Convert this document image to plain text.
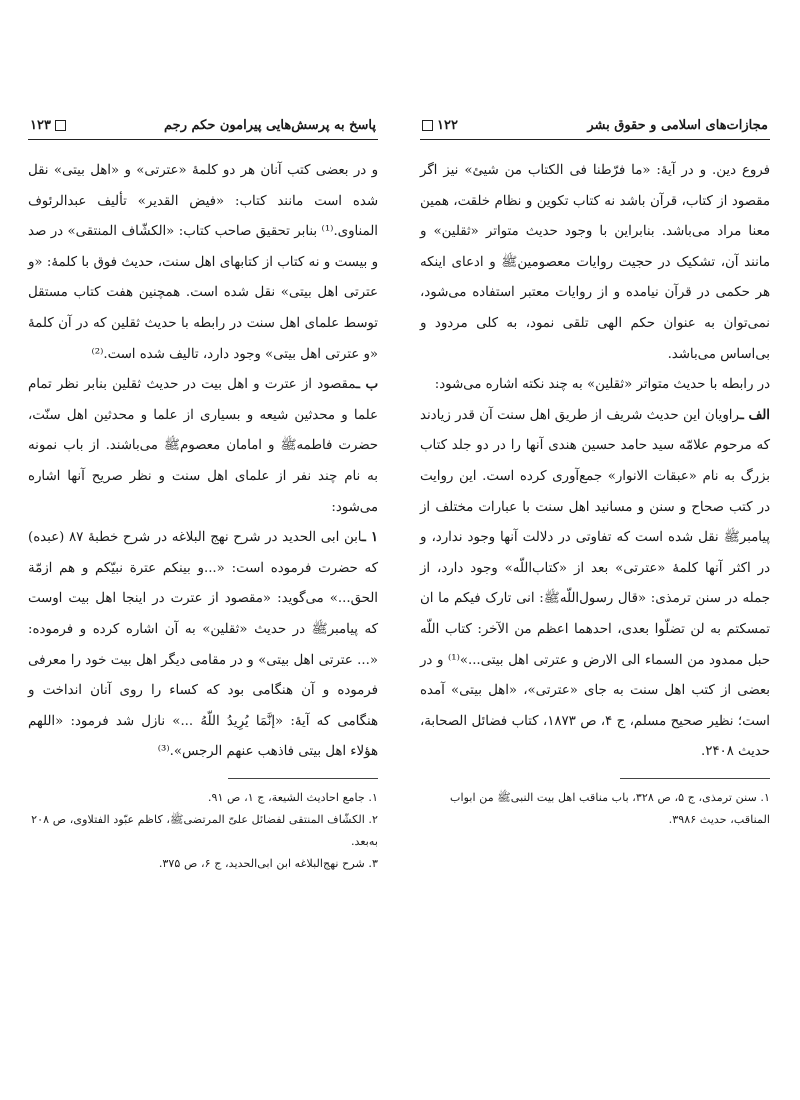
مجازات‌های اسلامی و حقوق بشر
۱۲۲

فروع دین. و در آیهٔ: «ما فرّطنا فی الکتاب من شیئ» نیز اگر مقصود از کتاب، قرآن باشد نه کتاب تکوین و نظام خلقت، همین معنا مراد می‌باشد. بنابراین با وجود حدیث متواتر «ثقلین» و مانند آن، تشکیک در حجیت روایات معصومینﷺ و ادعای اینکه هر حکمی در قرآن نیامده و از روایات معتبر استفاده می‌شود، نمی‌توان به عنوان حکم الهی تلقی نمود، به کلی مردود و بی‌اساس می‌باشد.

در رابطه با حدیث متواتر «ثقلین» به چند نکته اشاره می‌شود:

الف ـراویان این حدیث شریف از طریق اهل سنت آن قدر زیادند که مرحوم علامّه سید حامد حسین هندی آنها را در دو جلد کتاب بزرگ به نام «عبقات الانوار» جمع‌آوری کرده است. این روایت در کتب صحاح و سنن و مسانید اهل سنت با عبارات مختلف از پیامبرﷺ نقل شده است که تفاوتی در دلالت آنها وجود ندارد، و در اکثر آنها کلمهٔ «عترتی» بعد از «کتاب‌اللّه» وجود دارد، از جمله در سنن ترمذی: «قال رسول‌اللّهﷺ: انی تارک فیکم ما ان تمسکتم به لن تضلّوا بعدی، احدهما اعظم من الآخر: کتاب اللّه حبل ممدود من السماء الی الارض و عترتی اهل بیتی...»⁽¹⁾ و در بعضی از کتب اهل سنت به جای «عترتی»، «اهل بیتی» آمده است؛ نظیر صحیح مسلم، ج ۴، ص ۱۸۷۳، کتاب فضائل الصحابة، حدیث ۲۴۰۸.

۱. سنن ترمذی، ج ۵، ص ۳۲۸، باب مناقب اهل بیت النبیﷺ من ابواب المناقب، حدیث ۳۹۸۶.

پاسخ به پرسش‌هایی پیرامون حکم رجم
۱۲۳

و در بعضی کتب آنان هر دو کلمهٔ «عترتی» و «اهل بیتی» نقل شده است مانند کتاب: «فیض القدیر» تألیف عبدالرئوف المناوی.⁽¹⁾ بنابر تحقیق صاحب کتاب: «الکشّاف المنتقی» در صد و بیست و نه کتاب از کتابهای اهل سنت، حدیث فوق با کلمهٔ: «و عترتی اهل بیتی» نقل شده است. همچنین هفت کتاب مستقل توسط علمای اهل سنت در رابطه با حدیث ثقلین که در آن کلمهٔ «و عترتی اهل بیتی» وجود دارد، تالیف شده است.⁽²⁾

ب ـمقصود از عترت و اهل بیت در حدیث ثقلین بنابر نظر تمام علما و محدثین شیعه و بسیاری از علما و محدثین اهل سنّت، حضرت فاطمهﷺ و امامان معصومﷺ می‌باشند. از باب نمونه به نام چند نفر از علمای اهل سنت و نظر صریح آنها اشاره می‌شود:

۱ ـابن ابی الحدید در شرح نهج البلاغه در شرح خطبهٔ ۸۷ (عبده) که حضرت فرموده است: «...و بینکم عترة نبیّکم و هم ازمّة الحق...» می‌گوید: «مقصود از عترت در اینجا اهل بیت اوست که پیامبرﷺ در حدیث «ثقلین» به آن اشاره کرده و فرموده: «... عترتی اهل بیتی» و در مقامی دیگر اهل بیت خود را معرفی فرموده و آن هنگامی بود که کساء را روی آنان انداخت و هنگامی که آیهٔ: «إنَّمَا یُرِیدُ اللّهُ ...» نازل شد فرمود: «اللهم هؤلاء اهل بیتی فاذهب عنهم الرجس».⁽³⁾

۱. جامع احادیث الشیعة، ج ۱، ص ۹۱.

۲. الکشّاف المنتقی لفضائل علیّ المرتضیﷺ، کاظم عبّود الفتلاوی، ص ۲۰۸ به‌بعد.

۳. شرح نهج‌البلاغه ابن ابی‌الحدید، ج ۶، ص ۳۷۵.
